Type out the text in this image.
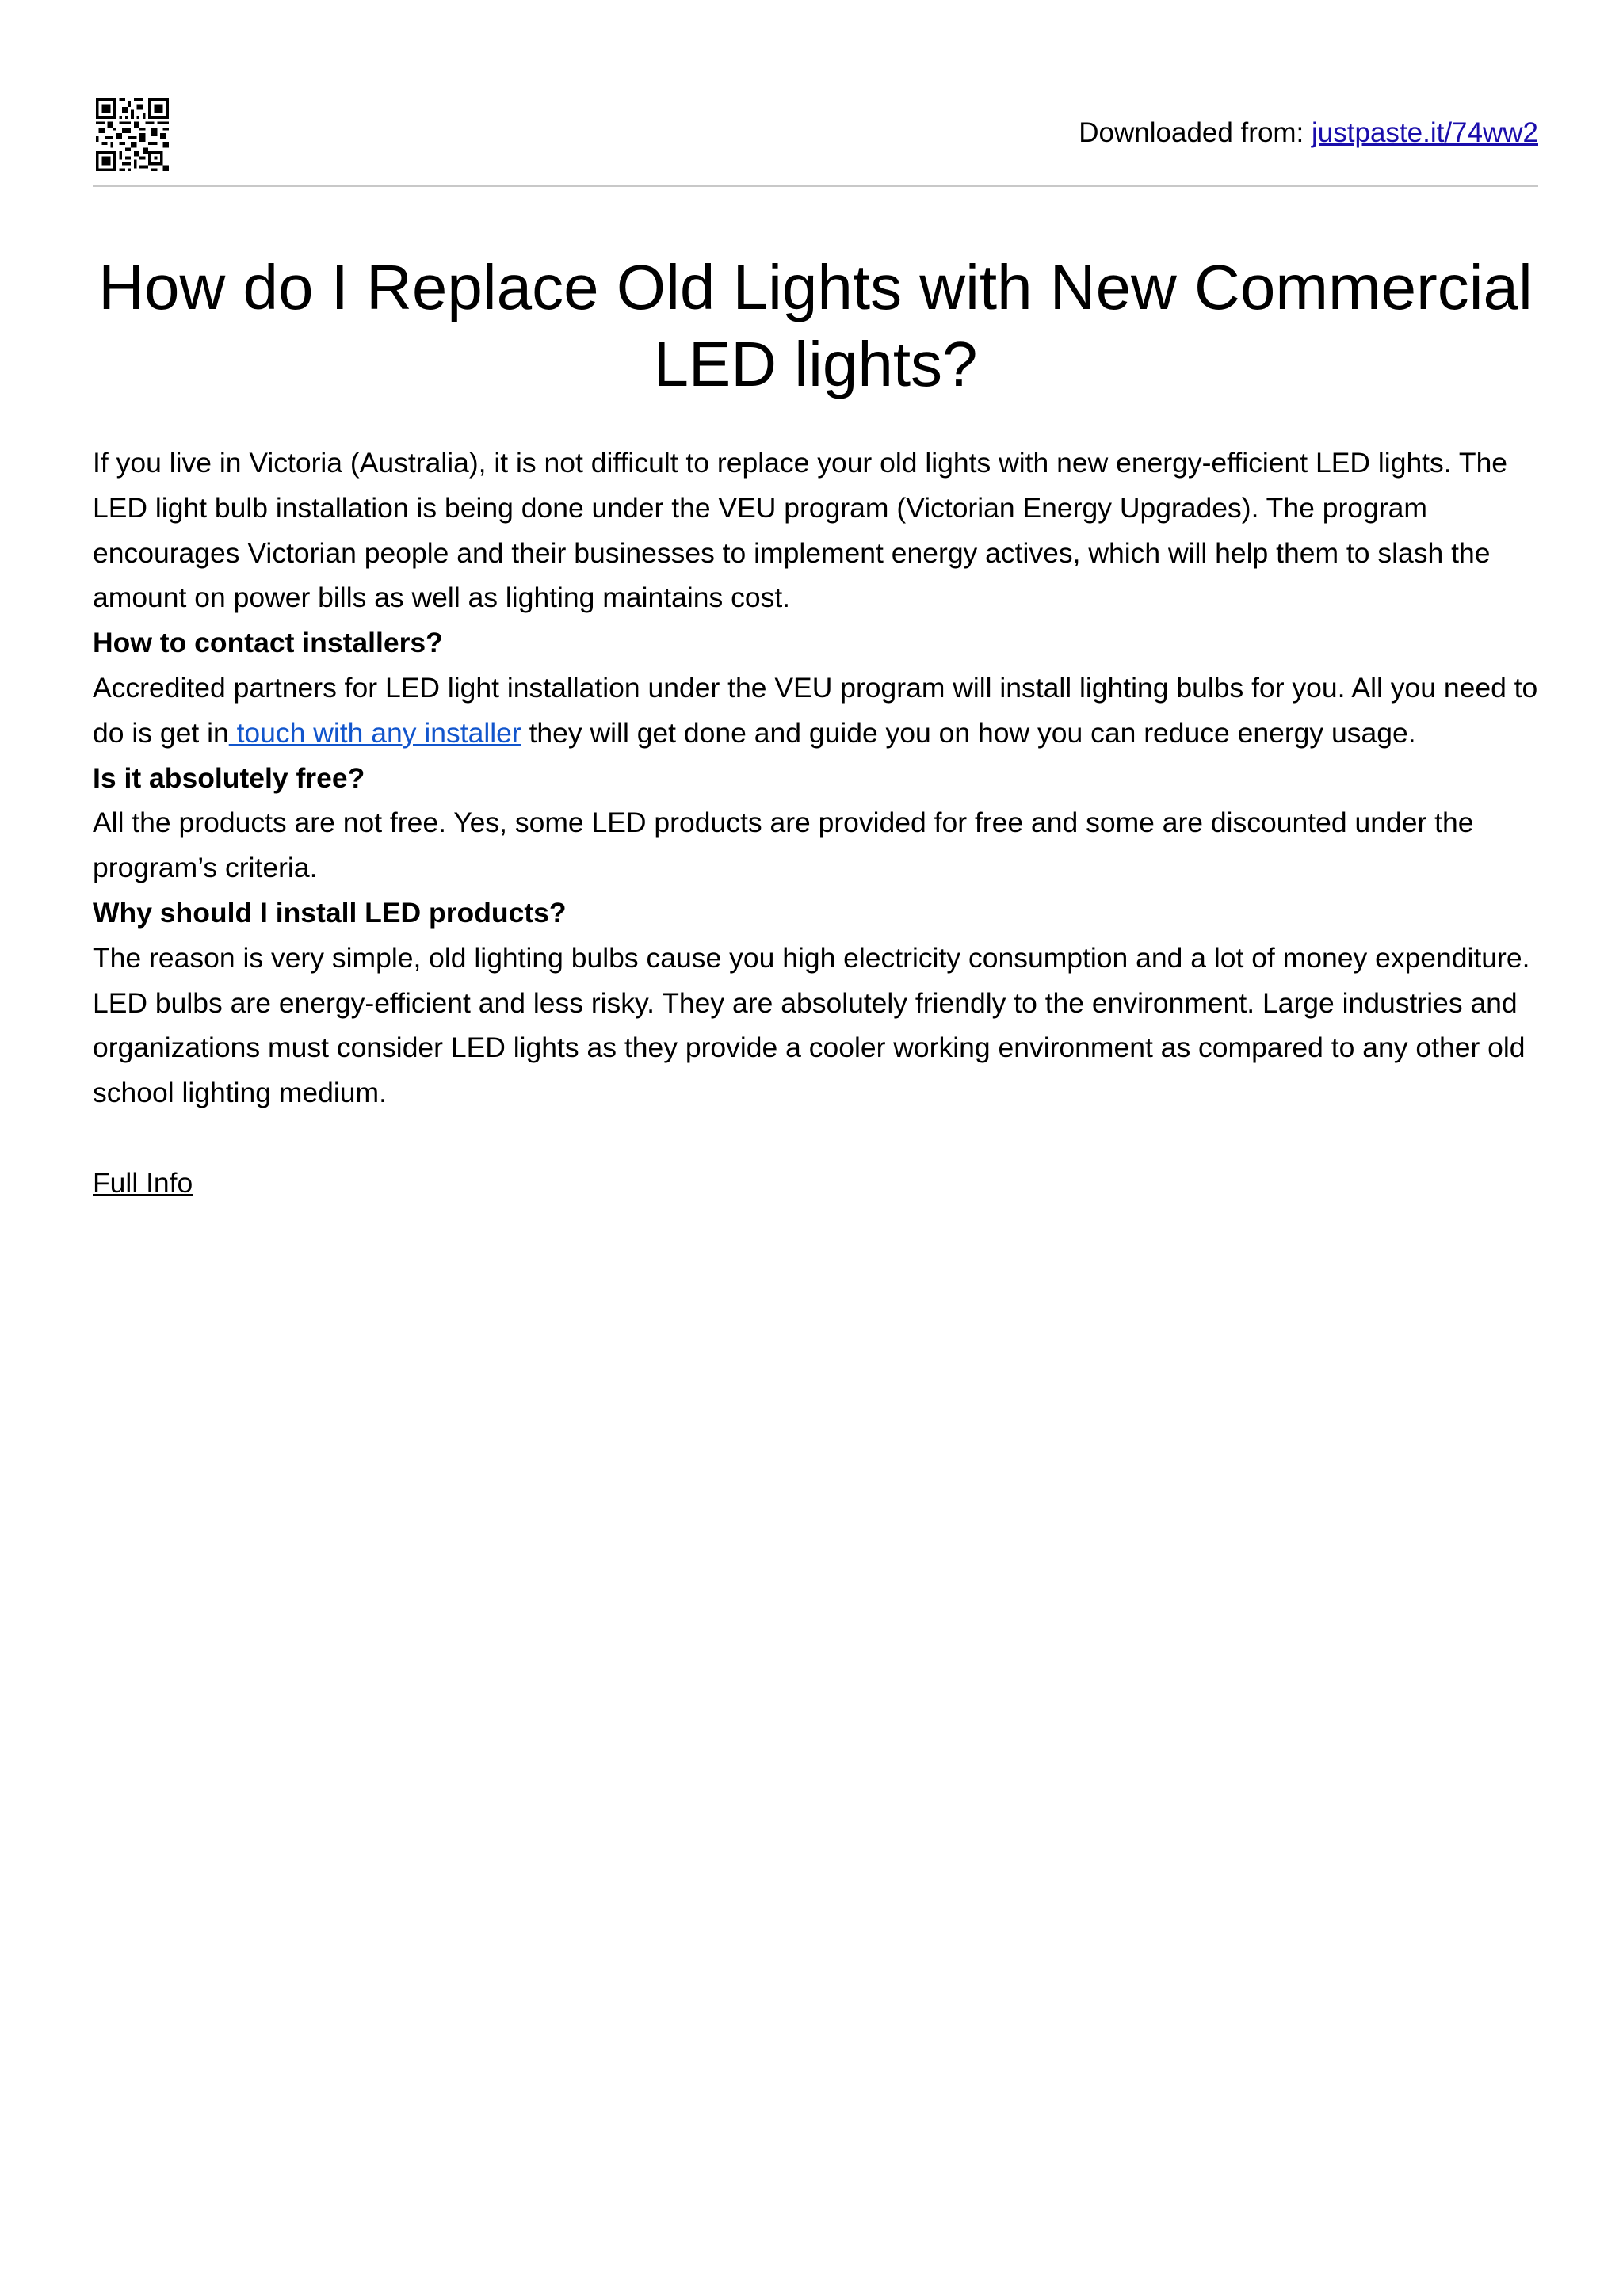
Downloaded from: justpaste.it/74ww2
How do I Replace Old Lights with New Commercial
LED lights?

If you live in Victoria (Australia), it is not difficult to replace your old lights with new energy-efficient LED lights. The LED light bulb installation is being done under the VEU program (Victorian Energy Upgrades). The program encourages Victorian people and their businesses to implement energy actives, which will help them to slash the amount on power bills as well as lighting maintains cost.

How to contact installers?

Accredited partners for LED light installation under the VEU program will install lighting bulbs for you. All you need to do is get in touch with any installer they will get done and guide you on how you can reduce energy usage.

Is it absolutely free?

All the products are not free. Yes, some LED products are provided for free and some are discounted under the program’s criteria.

Why should I install LED products?

The reason is very simple, old lighting bulbs cause you high electricity consumption and a lot of money expenditure. LED bulbs are energy-efficient and less risky. They are absolutely friendly to the environment. Large industries and organizations must consider LED lights as they provide a cooler working environment as compared to any other old school lighting medium.

Full Info
